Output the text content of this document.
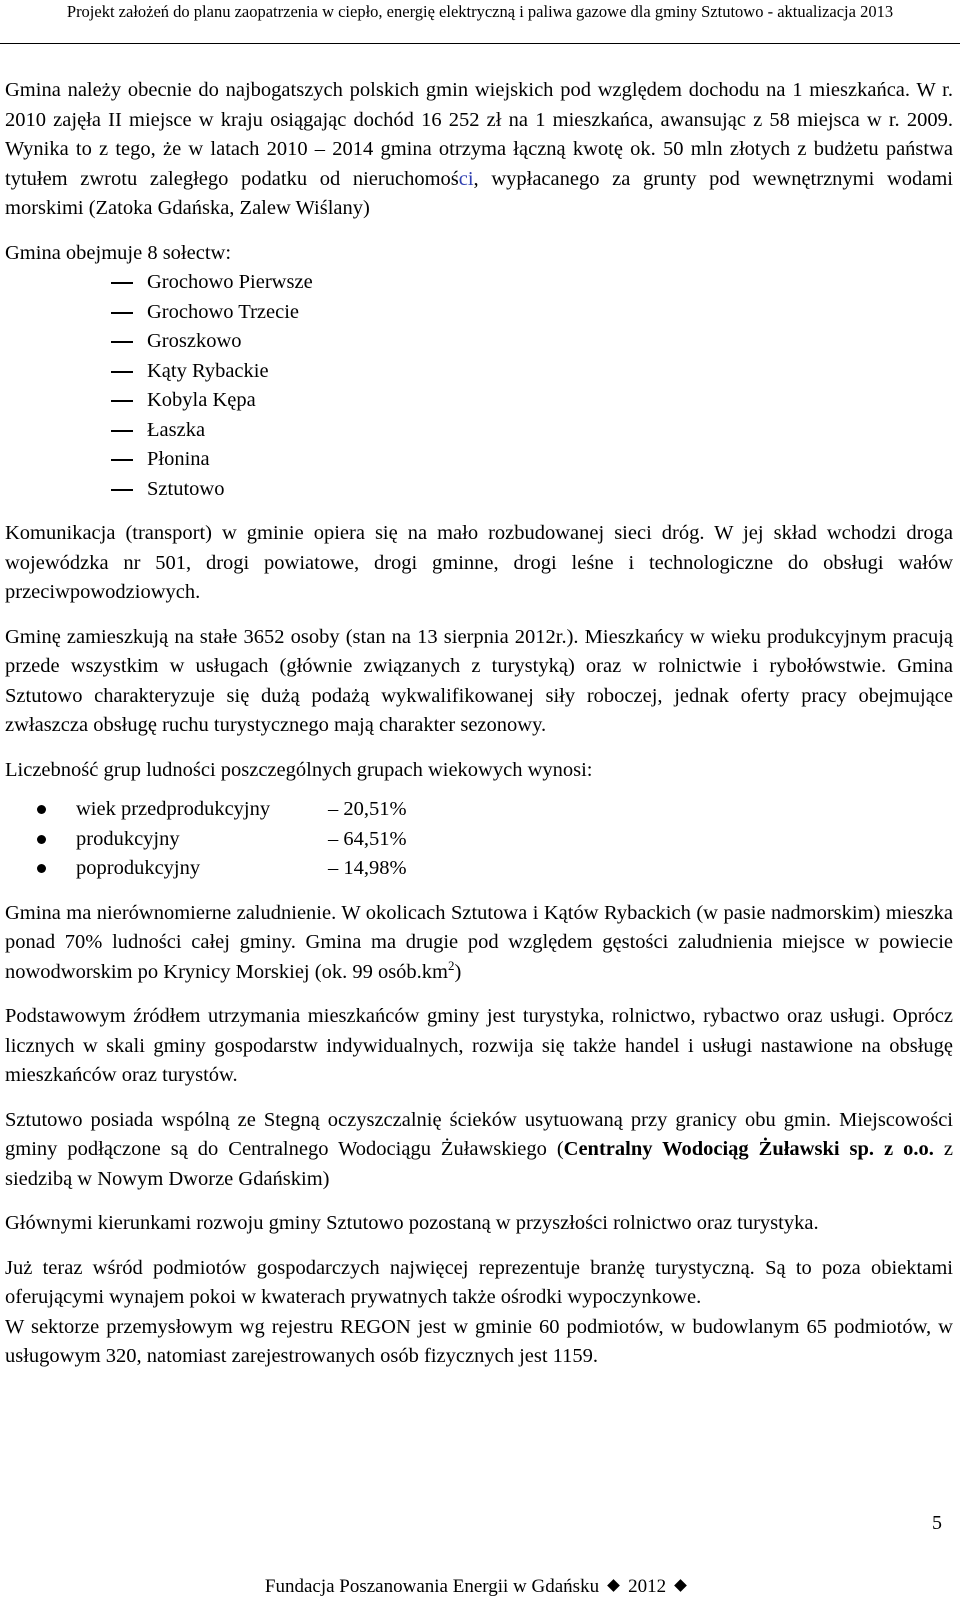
Projekt założeń do planu zaopatrzenia w ciepło, energię elektryczną i paliwa gazowe dla gminy Sztutowo - aktualizacja 2013

Gmina należy obecnie do najbogatszych polskich gmin wiejskich pod względem dochodu na 1 mieszkańca. W r. 2010 zajęła II miejsce w kraju osiągając dochód 16 252 zł na 1 mieszkańca, awansując z 58 miejsca w r. 2009. Wynika to z tego, że w latach 2010 – 2014 gmina otrzyma łączną kwotę ok. 50 mln złotych z budżetu państwa tytułem zwrotu zaległego podatku od nieruchomości, wypłacanego za grunty pod wewnętrznymi wodami morskimi (Zatoka Gdańska, Zalew Wiślany)

Gmina obejmuje 8 sołectw:

Grochowo Pierwsze
Grochowo Trzecie
Groszkowo
Kąty Rybackie
Kobyla Kępa
Łaszka
Płonina
Sztutowo

Komunikacja (transport) w gminie opiera się na mało rozbudowanej sieci dróg. W jej skład wchodzi droga wojewódzka nr 501, drogi powiatowe, drogi gminne, drogi leśne i technologiczne do obsługi wałów przeciwpowodziowych.

Gminę zamieszkują na stałe 3652 osoby (stan na 13 sierpnia 2012r.). Mieszkańcy w wieku produkcyjnym pracują przede wszystkim w usługach (głównie związanych z turystyką) oraz w rolnictwie i rybołówstwie. Gmina Sztutowo charakteryzuje się dużą podażą wykwalifikowanej siły roboczej, jednak oferty pracy obejmujące zwłaszcza obsługę ruchu turystycznego mają charakter sezonowy.

Liczebność grup ludności poszczególnych grupach wiekowych wynosi:

wiek przedprodukcyjny	– 20,51%
produkcyjny	– 64,51%
poprodukcyjny	– 14,98%

Gmina ma nierównomierne zaludnienie. W okolicach Sztutowa i Kątów Rybackich (w pasie nadmorskim) mieszka ponad 70% ludności całej gminy. Gmina ma drugie pod względem gęstości zaludnienia miejsce w powiecie nowodworskim po Krynicy Morskiej (ok. 99 $osób.km^2$)

Podstawowym źródłem utrzymania mieszkańców gminy jest turystyka, rolnictwo, rybactwo oraz usługi. Oprócz licznych w skali gminy gospodarstw indywidualnych, rozwija się także handel i usługi nastawione na obsługę mieszkańców oraz turystów.

Sztutowo posiada wspólną ze Stegną oczyszczalnię ścieków usytuowaną przy granicy obu gmin. Miejscowości gminy podłączone są do Centralnego Wodociągu Żuławskiego (Centralny Wodociąg Żuławski sp. z o.o. z siedzibą w Nowym Dworze Gdańskim)

Głównymi kierunkami rozwoju gminy Sztutowo pozostaną w przyszłości rolnictwo oraz turystyka.

Już teraz wśród podmiotów gospodarczych najwięcej reprezentuje branżę turystyczną. Są to poza obiektami oferującymi wynajem pokoi w kwaterach prywatnych także ośrodki wypoczynkowe.

W sektorze przemysłowym wg rejestru REGON jest w gminie 60 podmiotów, w budowlanym 65 podmiotów, w usługowym 320, natomiast zarejestrowanych osób fizycznych jest 1159.

5
Fundacja Poszanowania Energii w Gdańsku 2012
